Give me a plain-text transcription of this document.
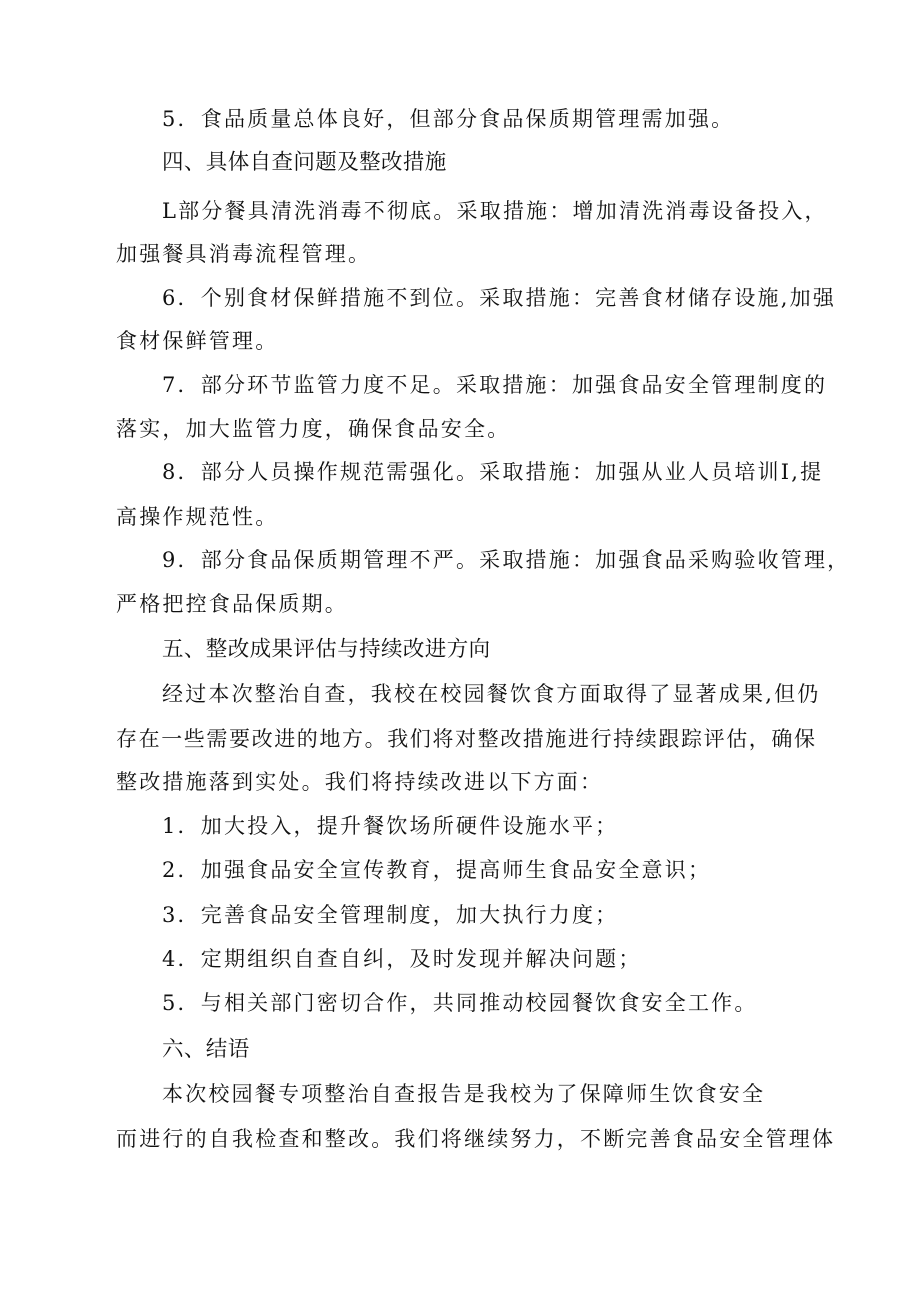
5．食品质量总体良好，但部分食品保质期管理需加强。
四、具体自查问题及整改措施
L部分餐具清洗消毒不彻底。采取措施：增加清洗消毒设备投入，
加强餐具消毒流程管理。
6．个别食材保鲜措施不到位。采取措施：完善食材储存设施,加强
食材保鲜管理。
7．部分环节监管力度不足。采取措施：加强食品安全管理制度的
落实，加大监管力度，确保食品安全。
8．部分人员操作规范需强化。采取措施：加强从业人员培训I,提
高操作规范性。
9．部分食品保质期管理不严。采取措施：加强食品采购验收管理，
严格把控食品保质期。
五、整改成果评估与持续改进方向
经过本次整治自查，我校在校园餐饮食方面取得了显著成果,但仍
存在一些需要改进的地方。我们将对整改措施进行持续跟踪评估，确保
整改措施落到实处。我们将持续改进以下方面：
1．加大投入，提升餐饮场所硬件设施水平；
2．加强食品安全宣传教育，提高师生食品安全意识；
3．完善食品安全管理制度，加大执行力度；
4．定期组织自查自纠，及时发现并解决问题；
5．与相关部门密切合作，共同推动校园餐饮食安全工作。
六、结语
本次校园餐专项整治自查报告是我校为了保障师生饮食安全
而进行的自我检查和整改。我们将继续努力，不断完善食品安全管理体
